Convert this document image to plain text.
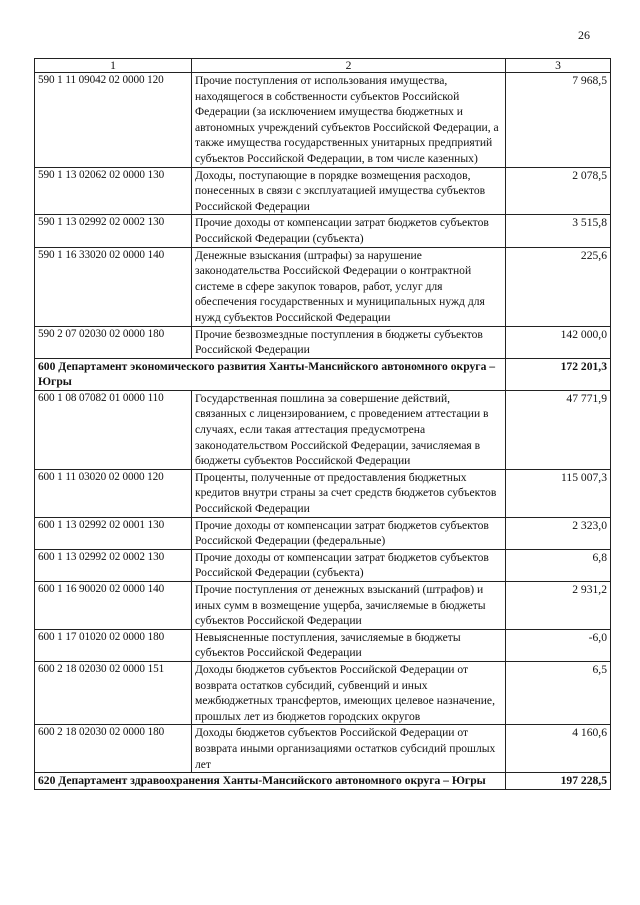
26
1	2	3
590 1 11 09042 02 0000 120	Прочие поступления от использования имущества, находящегося в собственности субъектов Российской Федерации (за исключением имущества бюджетных и автономных учреждений субъектов Российской Федерации, а также имущества государственных унитарных предприятий субъектов Российской Федерации, в том числе казенных)	7 968,5
590 1 13 02062 02 0000 130	Доходы, поступающие в порядке возмещения расходов, понесенных в связи с эксплуатацией имущества субъектов Российской Федерации	2 078,5
590 1 13 02992 02 0002 130	Прочие доходы от компенсации затрат бюджетов субъектов Российской Федерации (субъекта)	3 515,8
590 1 16 33020 02 0000 140	Денежные взыскания (штрафы) за нарушение законодательства Российской Федерации о контрактной системе в сфере закупок товаров, работ, услуг для обеспечения государственных и муниципальных нужд для нужд субъектов Российской Федерации	225,6
590 2 07 02030 02 0000 180	Прочие безвозмездные поступления в бюджеты субъектов Российской Федерации	142 000,0
600 Департамент экономического развития Ханты-Мансийского автономного округа – Югры		172 201,3
600 1 08 07082 01 0000 110	Государственная пошлина за совершение действий, связанных с лицензированием, с проведением аттестации в случаях, если такая аттестация предусмотрена законодательством Российской Федерации, зачисляемая в бюджеты субъектов Российской Федерации	47 771,9
600 1 11 03020 02 0000 120	Проценты, полученные от предоставления бюджетных кредитов внутри страны за счет средств бюджетов субъектов Российской Федерации	115 007,3
600 1 13 02992 02 0001 130	Прочие доходы от компенсации затрат бюджетов субъектов Российской Федерации (федеральные)	2 323,0
600 1 13 02992 02 0002 130	Прочие доходы от компенсации затрат бюджетов субъектов Российской Федерации (субъекта)	6,8
600 1 16 90020 02 0000 140	Прочие поступления от денежных взысканий (штрафов) и иных сумм в возмещение ущерба, зачисляемые в бюджеты субъектов Российской Федерации	2 931,2
600 1 17 01020 02 0000 180	Невыясненные поступления, зачисляемые в бюджеты субъектов Российской Федерации	-6,0
600 2 18 02030 02 0000 151	Доходы бюджетов субъектов Российской Федерации от возврата остатков субсидий, субвенций и иных межбюджетных трансфертов, имеющих целевое назначение, прошлых лет из бюджетов городских округов	6,5
600 2 18 02030 02 0000 180	Доходы бюджетов субъектов Российской Федерации от возврата иными организациями остатков субсидий прошлых лет	4 160,6
620 Департамент здравоохранения Ханты-Мансийского автономного округа – Югры		197 228,5
